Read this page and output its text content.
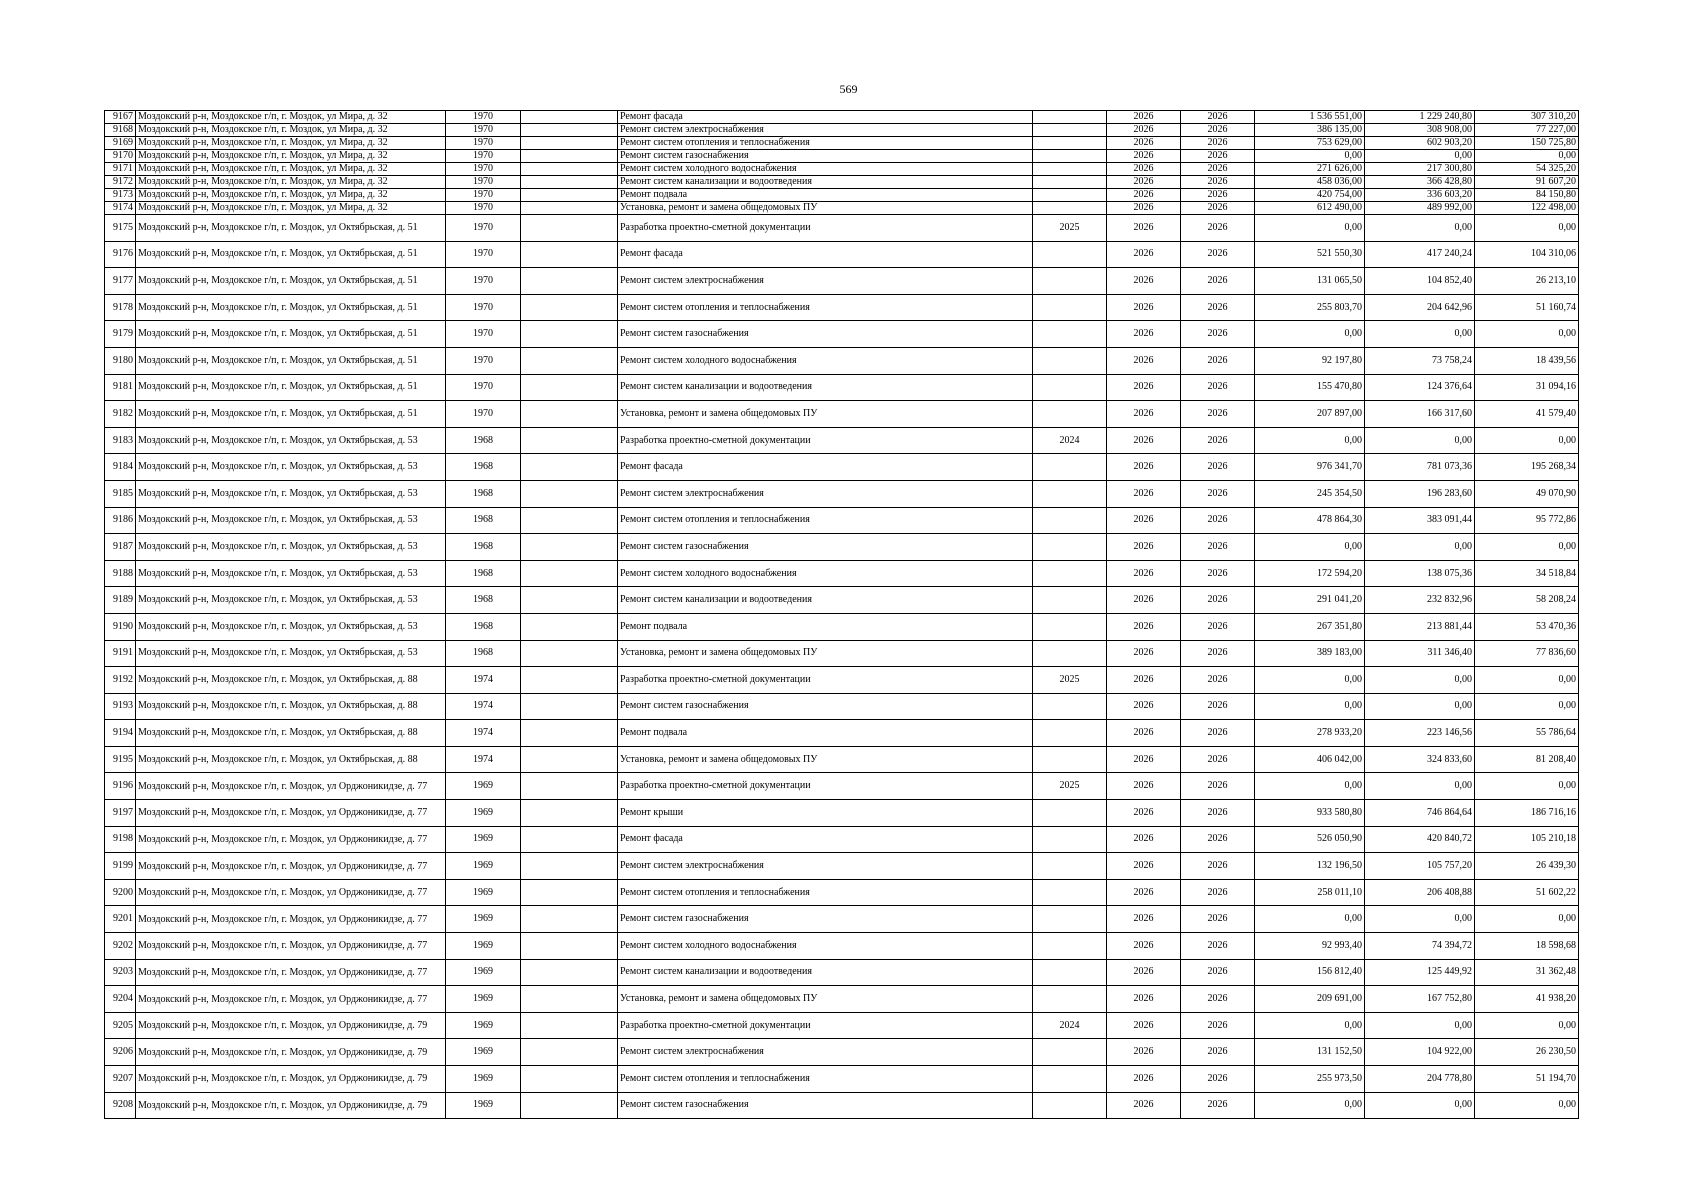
569
9167	Моздокский р-н, Моздокское г/п, г. Моздок, ул Мира, д. 32	1970		Ремонт фасада		2026	2026	1 536 551,00	1 229 240,80	307 310,20
9168	Моздокский р-н, Моздокское г/п, г. Моздок, ул Мира, д. 32	1970		Ремонт систем электроснабжения		2026	2026	386 135,00	308 908,00	77 227,00
9169	Моздокский р-н, Моздокское г/п, г. Моздок, ул Мира, д. 32	1970		Ремонт систем отопления и теплоснабжения		2026	2026	753 629,00	602 903,20	150 725,80
9170	Моздокский р-н, Моздокское г/п, г. Моздок, ул Мира, д. 32	1970		Ремонт систем газоснабжения		2026	2026	0,00	0,00	0,00
9171	Моздокский р-н, Моздокское г/п, г. Моздок, ул Мира, д. 32	1970		Ремонт систем холодного водоснабжения		2026	2026	271 626,00	217 300,80	54 325,20
9172	Моздокский р-н, Моздокское г/п, г. Моздок, ул Мира, д. 32	1970		Ремонт систем канализации и водоотведения		2026	2026	458 036,00	366 428,80	91 607,20
9173	Моздокский р-н, Моздокское г/п, г. Моздок, ул Мира, д. 32	1970		Ремонт подвала		2026	2026	420 754,00	336 603,20	84 150,80
9174	Моздокский р-н, Моздокское г/п, г. Моздок, ул Мира, д. 32	1970		Установка, ремонт и замена общедомовых ПУ		2026	2026	612 490,00	489 992,00	122 498,00
9175	Моздокский р-н, Моздокское г/п, г. Моздок, ул Октябрьская, д. 51	1970		Разработка проектно-сметной документации	2025	2026	2026	0,00	0,00	0,00
9176	Моздокский р-н, Моздокское г/п, г. Моздок, ул Октябрьская, д. 51	1970		Ремонт фасада		2026	2026	521 550,30	417 240,24	104 310,06
9177	Моздокский р-н, Моздокское г/п, г. Моздок, ул Октябрьская, д. 51	1970		Ремонт систем электроснабжения		2026	2026	131 065,50	104 852,40	26 213,10
9178	Моздокский р-н, Моздокское г/п, г. Моздок, ул Октябрьская, д. 51	1970		Ремонт систем отопления и теплоснабжения		2026	2026	255 803,70	204 642,96	51 160,74
9179	Моздокский р-н, Моздокское г/п, г. Моздок, ул Октябрьская, д. 51	1970		Ремонт систем газоснабжения		2026	2026	0,00	0,00	0,00
9180	Моздокский р-н, Моздокское г/п, г. Моздок, ул Октябрьская, д. 51	1970		Ремонт систем холодного водоснабжения		2026	2026	92 197,80	73 758,24	18 439,56
9181	Моздокский р-н, Моздокское г/п, г. Моздок, ул Октябрьская, д. 51	1970		Ремонт систем канализации и водоотведения		2026	2026	155 470,80	124 376,64	31 094,16
9182	Моздокский р-н, Моздокское г/п, г. Моздок, ул Октябрьская, д. 51	1970		Установка, ремонт и замена общедомовых ПУ		2026	2026	207 897,00	166 317,60	41 579,40
9183	Моздокский р-н, Моздокское г/п, г. Моздок, ул Октябрьская, д. 53	1968		Разработка проектно-сметной документации	2024	2026	2026	0,00	0,00	0,00
9184	Моздокский р-н, Моздокское г/п, г. Моздок, ул Октябрьская, д. 53	1968		Ремонт фасада		2026	2026	976 341,70	781 073,36	195 268,34
9185	Моздокский р-н, Моздокское г/п, г. Моздок, ул Октябрьская, д. 53	1968		Ремонт систем электроснабжения		2026	2026	245 354,50	196 283,60	49 070,90
9186	Моздокский р-н, Моздокское г/п, г. Моздок, ул Октябрьская, д. 53	1968		Ремонт систем отопления и теплоснабжения		2026	2026	478 864,30	383 091,44	95 772,86
9187	Моздокский р-н, Моздокское г/п, г. Моздок, ул Октябрьская, д. 53	1968		Ремонт систем газоснабжения		2026	2026	0,00	0,00	0,00
9188	Моздокский р-н, Моздокское г/п, г. Моздок, ул Октябрьская, д. 53	1968		Ремонт систем холодного водоснабжения		2026	2026	172 594,20	138 075,36	34 518,84
9189	Моздокский р-н, Моздокское г/п, г. Моздок, ул Октябрьская, д. 53	1968		Ремонт систем канализации и водоотведения		2026	2026	291 041,20	232 832,96	58 208,24
9190	Моздокский р-н, Моздокское г/п, г. Моздок, ул Октябрьская, д. 53	1968		Ремонт подвала		2026	2026	267 351,80	213 881,44	53 470,36
9191	Моздокский р-н, Моздокское г/п, г. Моздок, ул Октябрьская, д. 53	1968		Установка, ремонт и замена общедомовых ПУ		2026	2026	389 183,00	311 346,40	77 836,60
9192	Моздокский р-н, Моздокское г/п, г. Моздок, ул Октябрьская, д. 88	1974		Разработка проектно-сметной документации	2025	2026	2026	0,00	0,00	0,00
9193	Моздокский р-н, Моздокское г/п, г. Моздок, ул Октябрьская, д. 88	1974		Ремонт систем газоснабжения		2026	2026	0,00	0,00	0,00
9194	Моздокский р-н, Моздокское г/п, г. Моздок, ул Октябрьская, д. 88	1974		Ремонт подвала		2026	2026	278 933,20	223 146,56	55 786,64
9195	Моздокский р-н, Моздокское г/п, г. Моздок, ул Октябрьская, д. 88	1974		Установка, ремонт и замена общедомовых ПУ		2026	2026	406 042,00	324 833,60	81 208,40
9196	Моздокский р-н, Моздокское г/п, г. Моздок, ул Орджоникидзе, д. 77	1969		Разработка проектно-сметной документации	2025	2026	2026	0,00	0,00	0,00
9197	Моздокский р-н, Моздокское г/п, г. Моздок, ул Орджоникидзе, д. 77	1969		Ремонт крыши		2026	2026	933 580,80	746 864,64	186 716,16
9198	Моздокский р-н, Моздокское г/п, г. Моздок, ул Орджоникидзе, д. 77	1969		Ремонт фасада		2026	2026	526 050,90	420 840,72	105 210,18
9199	Моздокский р-н, Моздокское г/п, г. Моздок, ул Орджоникидзе, д. 77	1969		Ремонт систем электроснабжения		2026	2026	132 196,50	105 757,20	26 439,30
9200	Моздокский р-н, Моздокское г/п, г. Моздок, ул Орджоникидзе, д. 77	1969		Ремонт систем отопления и теплоснабжения		2026	2026	258 011,10	206 408,88	51 602,22
9201	Моздокский р-н, Моздокское г/п, г. Моздок, ул Орджоникидзе, д. 77	1969		Ремонт систем газоснабжения		2026	2026	0,00	0,00	0,00
9202	Моздокский р-н, Моздокское г/п, г. Моздок, ул Орджоникидзе, д. 77	1969		Ремонт систем холодного водоснабжения		2026	2026	92 993,40	74 394,72	18 598,68
9203	Моздокский р-н, Моздокское г/п, г. Моздок, ул Орджоникидзе, д. 77	1969		Ремонт систем канализации и водоотведения		2026	2026	156 812,40	125 449,92	31 362,48
9204	Моздокский р-н, Моздокское г/п, г. Моздок, ул Орджоникидзе, д. 77	1969		Установка, ремонт и замена общедомовых ПУ		2026	2026	209 691,00	167 752,80	41 938,20
9205	Моздокский р-н, Моздокское г/п, г. Моздок, ул Орджоникидзе, д. 79	1969		Разработка проектно-сметной документации	2024	2026	2026	0,00	0,00	0,00
9206	Моздокский р-н, Моздокское г/п, г. Моздок, ул Орджоникидзе, д. 79	1969		Ремонт систем электроснабжения		2026	2026	131 152,50	104 922,00	26 230,50
9207	Моздокский р-н, Моздокское г/п, г. Моздок, ул Орджоникидзе, д. 79	1969		Ремонт систем отопления и теплоснабжения		2026	2026	255 973,50	204 778,80	51 194,70
9208	Моздокский р-н, Моздокское г/п, г. Моздок, ул Орджоникидзе, д. 79	1969		Ремонт систем газоснабжения		2026	2026	0,00	0,00	0,00
